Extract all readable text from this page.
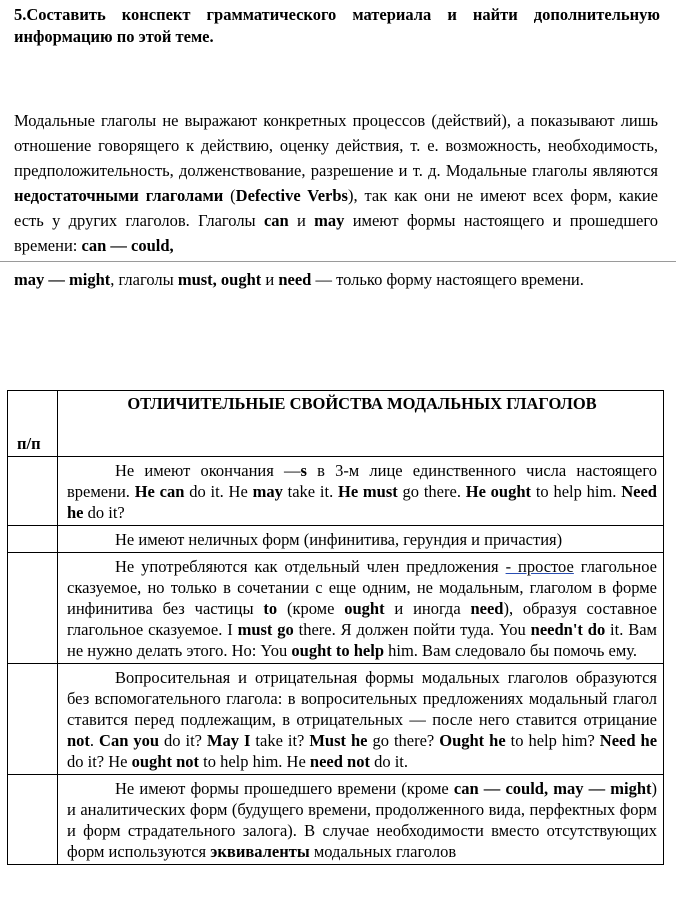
5.Составить конспект грамматического материала и найти дополнительную информацию по этой теме.
Модальные глаголы не выражают конкретных процессов (действий), а показывают лишь отношение говорящего к действию, оценку действия, т. е. возможность, необходимость, предположительность, долженствование, разрешение и т. д. Модальные глаголы являются недостаточными глаголами (Defective Verbs), так как они не имеют всех форм, какие есть у других глаголов. Глаголы can и may имеют формы настоящего и прошедшего времени: can — could,
may — might, глаголы must, ought и need — только форму настоящего времени.
п/п	ОТЛИЧИТЕЛЬНЫЕ СВОЙСТВА МОДАЛЬНЫХ ГЛАГОЛОВ
	Не имеют окончания —s в 3-м лице единственного числа настоящего времени. He can do it. He may take it. He must go there. He ought to help him. Need he do it?
	Не имеют неличных форм (инфинитива, герундия и причастия)
	Не употребляются как отдельный член предложения - простое глагольное сказуемое, но только в сочетании с еще одним, не модальным, глаголом в форме инфинитива без частицы to (кроме ought и иногда need), образуя составное глагольное сказуемое. I must go there. Я должен пойти туда. You needn't do it. Вам не нужно делать этого. Но: You ought to help him. Вам следовало бы помочь ему.
	Вопросительная и отрицательная формы модальных глаголов образуются без вспомогательного глагола: в вопросительных предложениях модальный глагол ставится перед подлежащим, в отрицательных — после него ставится отрицание not. Can you do it? May I take it? Must he go there? Ought he to help him? Need he do it? He ought not to help him. He need not do it.
	Не имеют формы прошедшего времени (кроме can — could, may — might) и аналитических форм (будущего времени, продолженного вида, перфектных форм и форм страдательного залога). В случае необходимости вместо отсутствующих форм используются эквиваленты модальных глаголов
